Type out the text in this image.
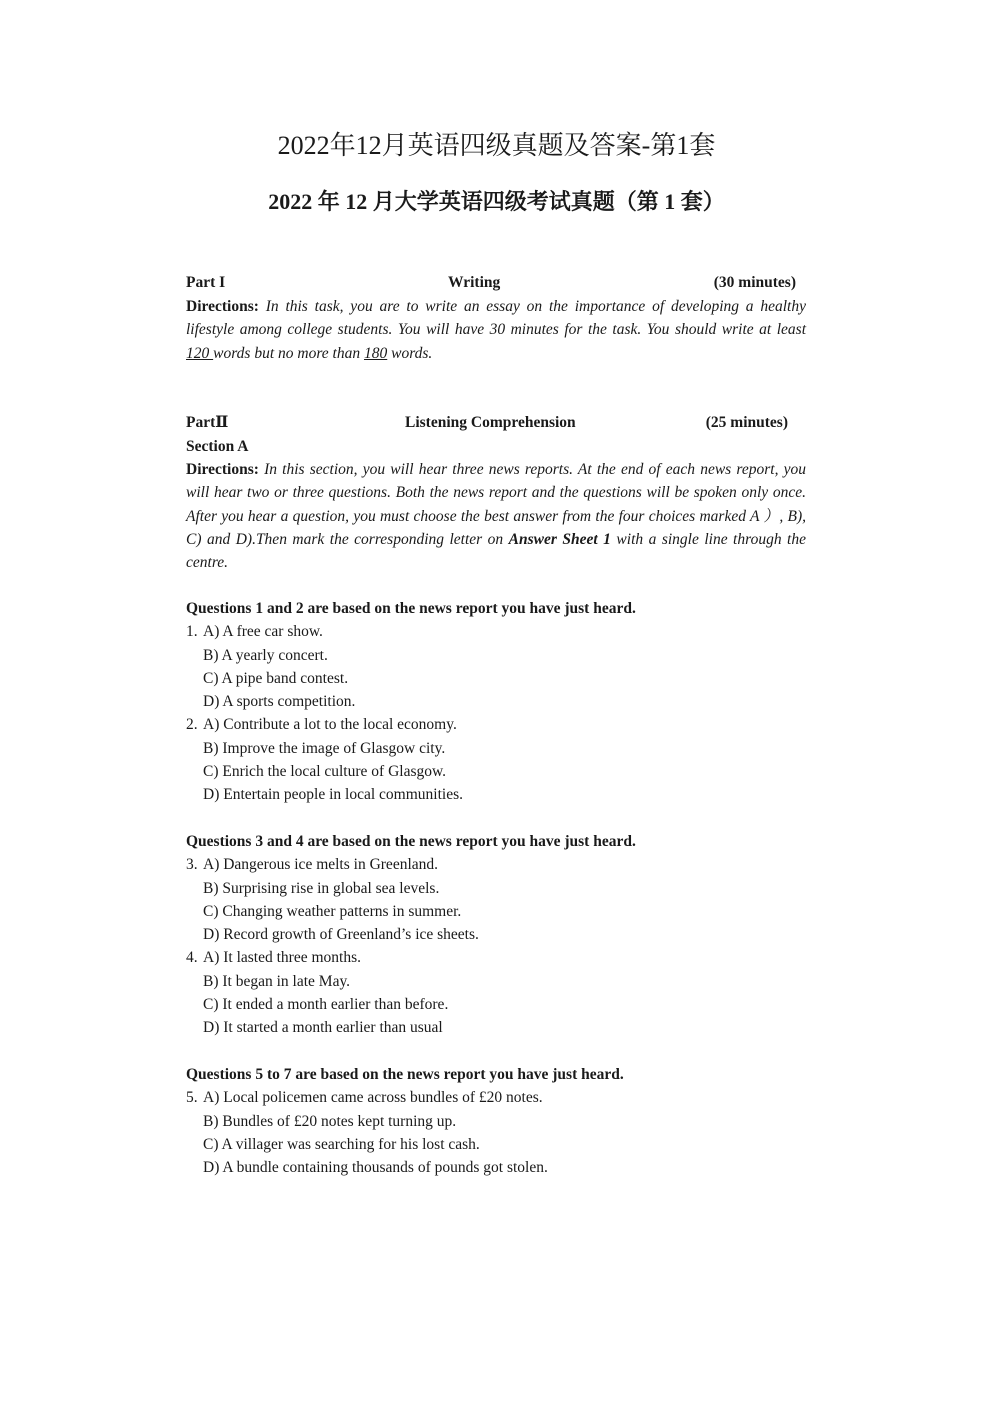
2022年12月英语四级真题及答案-第1套
2022 年 12 月大学英语四级考试真题（第 1 套）
Part I	Writing	(30 minutes)
Directions: In this task, you are to write an essay on the importance of developing a healthy lifestyle among college students. You will have 30 minutes for the task. You should write at least 120 words but no more than 180 words.
PartⅡ	Listening Comprehension	(25 minutes)
Section A
Directions: In this section, you will hear three news reports. At the end of each news report, you will hear two or three questions. Both the news report and the questions will be spoken only once. After you hear a question, you must choose the best answer from the four choices marked A ）, B), C) and D).Then mark the corresponding letter on Answer Sheet 1 with a single line through the centre.
Questions 1 and 2 are based on the news report you have just heard.
1. A) A free car show.
B) A yearly concert.
C) A pipe band contest.
D) A sports competition.
2. A) Contribute a lot to the local economy.
B) Improve the image of Glasgow city.
C) Enrich the local culture of Glasgow.
D) Entertain people in local communities.
Questions 3 and 4 are based on the news report you have just heard.
3. A) Dangerous ice melts in Greenland.
B) Surprising rise in global sea levels.
C) Changing weather patterns in summer.
D) Record growth of Greenland’s ice sheets.
4. A) It lasted three months.
B) It began in late May.
C) It ended a month earlier than before.
D) It started a month earlier than usual
Questions 5 to 7 are based on the news report you have just heard.
5. A) Local policemen came across bundles of £20 notes.
B) Bundles of £20 notes kept turning up.
C) A villager was searching for his lost cash.
D) A bundle containing thousands of pounds got stolen.
